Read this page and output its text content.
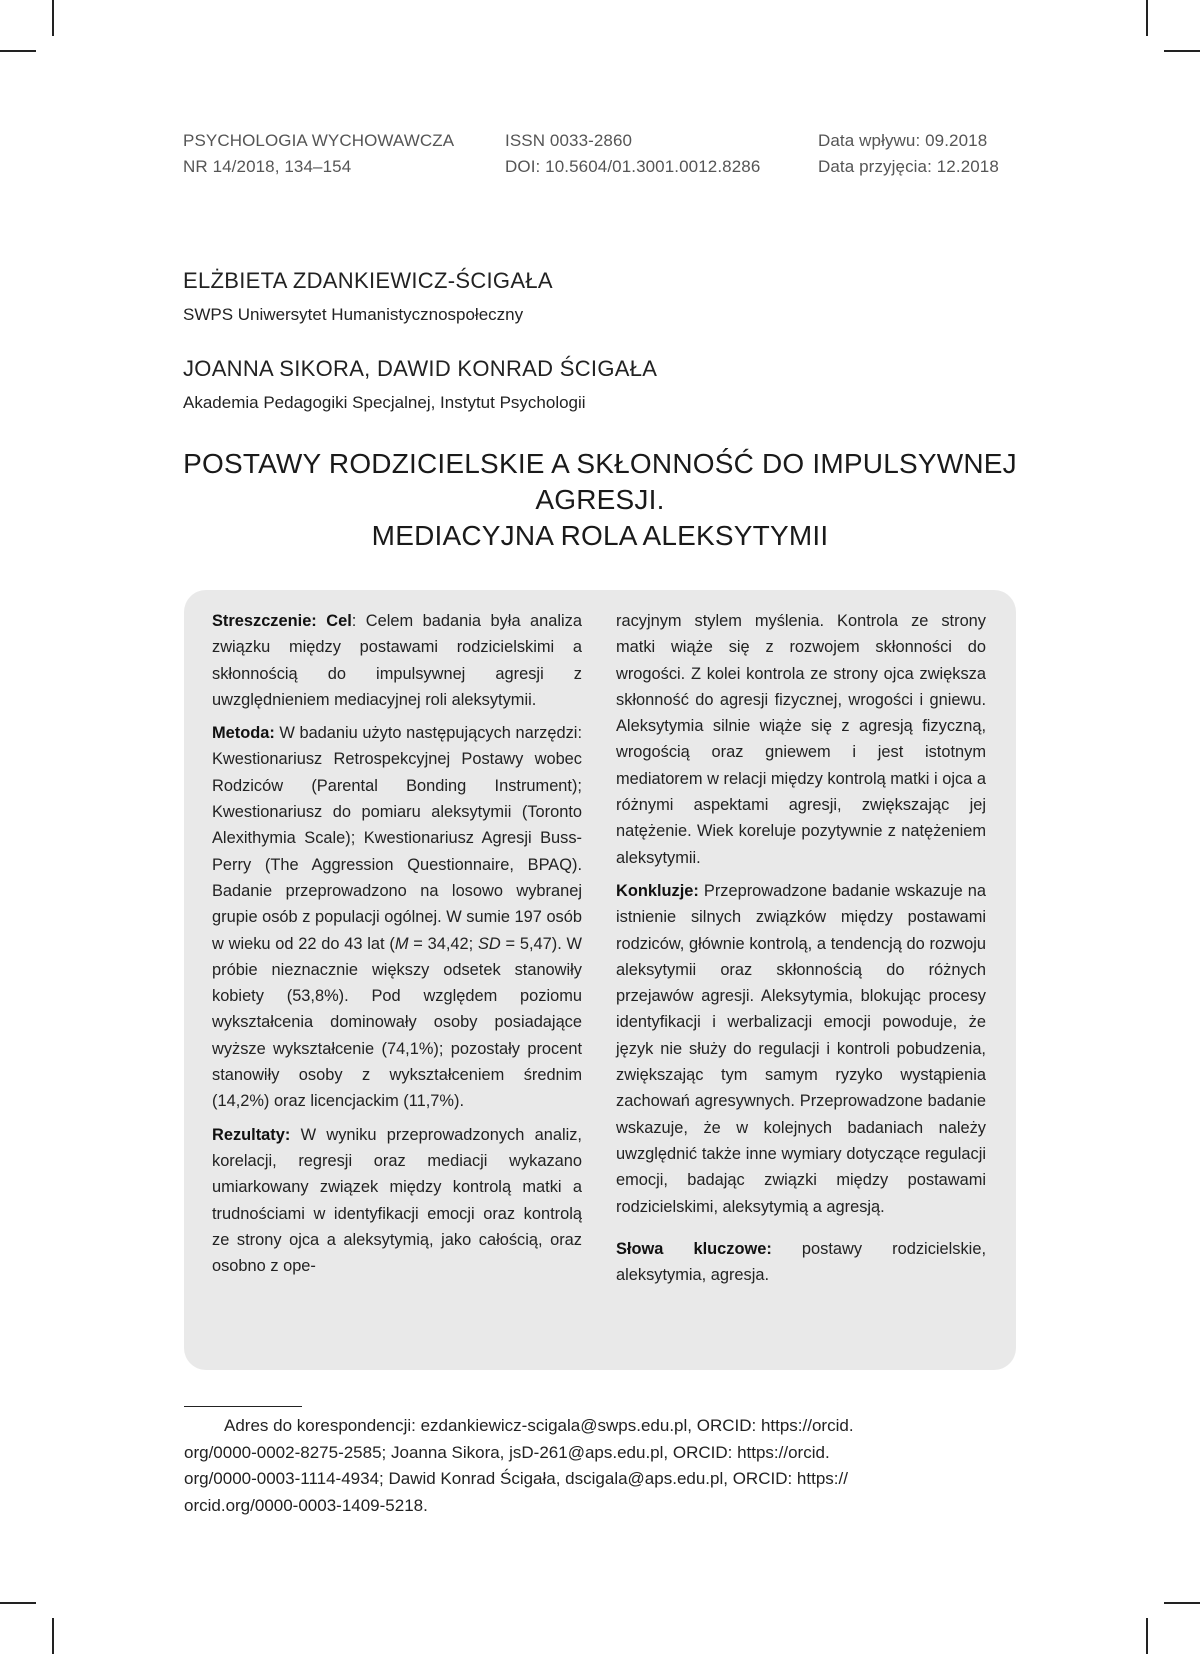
PSYCHOLOGIA WYCHOWAWCZA
NR 14/2018, 134–154
ISSN 0033-2860
DOI: 10.5604/01.3001.0012.8286
Data wpływu: 09.2018
Data przyjęcia: 12.2018
ELŻBIETA ZDANKIEWICZ-ŚCIGAŁA
SWPS Uniwersytet Humanistycznospołeczny
JOANNA SIKORA, DAWID KONRAD ŚCIGAŁA
Akademia Pedagogiki Specjalnej, Instytut Psychologii
POSTAWY RODZICIELSKIE A SKŁONNOŚĆ DO IMPULSYWNEJ
AGRESJI.
MEDIACYJNA ROLA ALEKSYTYMII

Streszczenie: Cel: Celem badania była analiza związku między postawami rodzicielskimi a skłonnością do impulsywnej agresji z uwzględnieniem mediacyjnej roli aleksytymii.

Metoda: W badaniu użyto następujących narzędzi: Kwestionariusz Retrospekcyjnej Postawy wobec Rodziców (Parental Bonding Instrument); Kwestionariusz do pomiaru aleksytymii (Toronto Alexithymia Scale); Kwestionariusz Agresji Buss-Perry (The Aggression Questionnaire, BPAQ). Badanie przeprowadzono na losowo wybranej grupie osób z populacji ogólnej. W sumie 197 osób w wieku od 22 do 43 lat (M = 34,42; SD = 5,47). W próbie nieznacznie większy odsetek stanowiły kobiety (53,8%). Pod względem poziomu wykształcenia dominowały osoby posiadające wyższe wykształcenie (74,1%); pozostały procent stanowiły osoby z wykształceniem średnim (14,2%) oraz licencjackim (11,7%).

Rezultaty: W wyniku przeprowadzonych analiz, korelacji, regresji oraz mediacji wykazano umiarkowany związek między kontrolą matki a trudnościami w identyfikacji emocji oraz kontrolą ze strony ojca a aleksytymią, jako całością, oraz osobno z ope-

racyjnym stylem myślenia. Kontrola ze strony matki wiąże się z rozwojem skłonności do wrogości. Z kolei kontrola ze strony ojca zwiększa skłonność do agresji fizycznej, wrogości i gniewu. Aleksytymia silnie wiąże się z agresją fizyczną, wrogością oraz gniewem i jest istotnym mediatorem w relacji między kontrolą matki i ojca a różnymi aspektami agresji, zwiększając jej natężenie. Wiek koreluje pozytywnie z natężeniem aleksytymii.

Konkluzje: Przeprowadzone badanie wskazuje na istnienie silnych związków między postawami rodziców, głównie kontrolą, a tendencją do rozwoju aleksytymii oraz skłonnością do różnych przejawów agresji. Aleksytymia, blokując procesy identyfikacji i werbalizacji emocji powoduje, że język nie służy do regulacji i kontroli pobudzenia, zwiększając tym samym ryzyko wystąpienia zachowań agresywnych. Przeprowadzone badanie wskazuje, że w kolejnych badaniach należy uwzględnić także inne wymiary dotyczące regulacji emocji, badając związki między postawami rodzicielskimi, aleksytymią a agresją.

Słowa kluczowe: postawy rodzicielskie, aleksytymia, agresja.

Adres do korespondencji: ezdankiewicz-scigala@swps.edu.pl, ORCID: https://orcid.
org/0000-0002-8275-2585; Joanna Sikora, jsD-261@aps.edu.pl, ORCID: https://orcid.
org/0000-0003-1114-4934; Dawid Konrad Ścigała, dscigala@aps.edu.pl, ORCID: https://
orcid.org/0000-0003-1409-5218.
